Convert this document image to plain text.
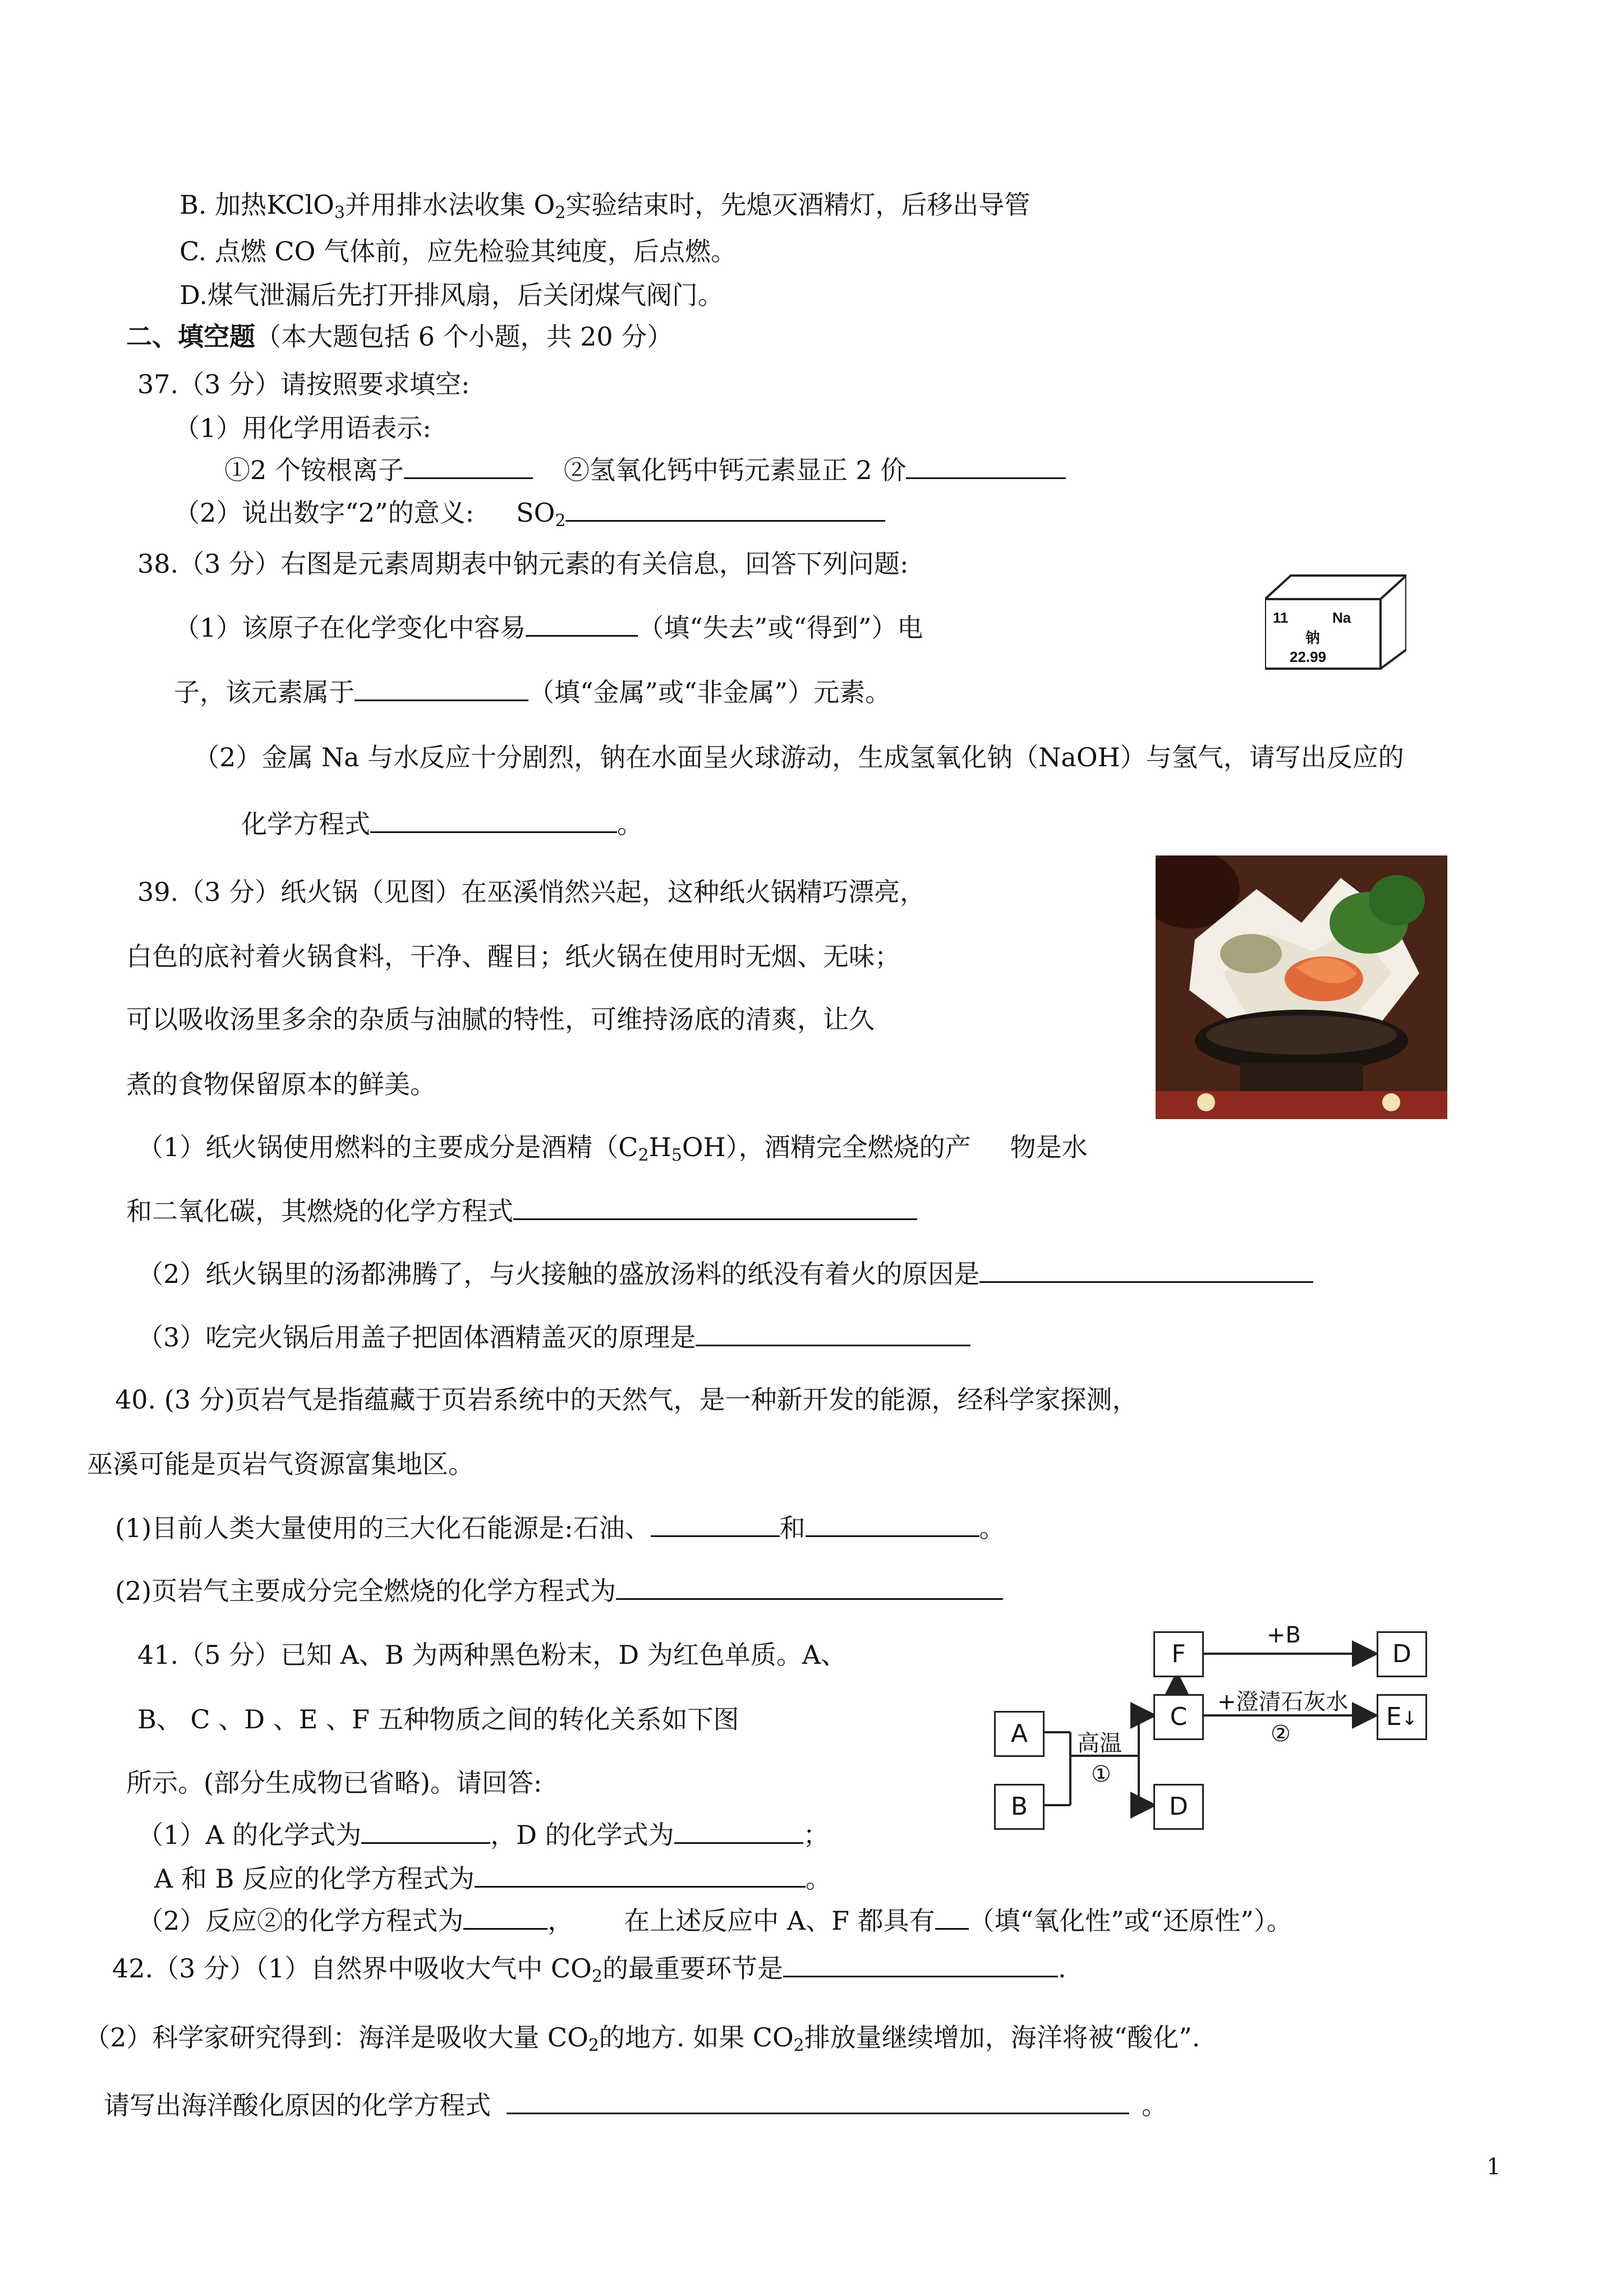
B. 加热KClO$_3$并用排水法收集 $O_2$实验结束时，先熄灭酒精灯，后移出导管
C. 点燃 CO 气体前，应先检验其纯度，后点燃。
D.煤气泄漏后先打开排风扇，后关闭煤气阀门。
二、填空题（本大题包括 6 个小题，共 20 分）
37.（3 分）请按照要求填空:
（1）用化学用语表示:
①2 个铵根离子	②氢氧化钙中钙元素显正 2 价
（2）说出数字“2”的意义: $SO_2$
38.（3 分）右图是元素周期表中钠元素的有关信息，回答下列问题:
（1）该原子在化学变化中容易	（填“失去”或“得到”）电
子，该元素属于	（填“金属”或“非金属”）元素。
（2）金属 Na 与水反应十分剧烈，钠在水面呈火球游动，生成氢氧化钠（NaOH）与氢气，请写出反应的
化学方程式	。
11	Na
钠
22.99
39.（3 分）纸火锅（见图）在巫溪悄然兴起，这种纸火锅精巧漂亮，
白色的底衬着火锅食料，干净、醒目；纸火锅在使用时无烟、无味；
可以吸收汤里多余的杂质与油腻的特性，可维持汤底的清爽，让久
煮的食物保留原本的鲜美。
（1）纸火锅使用燃料的主要成分是酒精$(C_2H_5OH)$，酒精完全燃烧的产 物是水
和二氧化碳，其燃烧的化学方程式
（2）纸火锅里的汤都沸腾了，与火接触的盛放汤料的纸没有着火的原因是
（3）吃完火锅后用盖子把固体酒精盖灭的原理是
40. (3 分)页岩气是指蕴藏于页岩系统中的天然气，是一种新开发的能源，经科学家探测，
巫溪可能是页岩气资源富集地区。
(1)目前人类大量使用的三大化石能源是:石油、	和	。
(2)页岩气主要成分完全燃烧的化学方程式为
41.（5 分）已知 A、B 为两种黑色粉末，D 为红色单质。A、
B、 C 、D 、E 、F 五种物质之间的转化关系如下图
所示。(部分生成物已省略)。请回答:
（1）A 的化学式为	，D 的化学式为	；
A 和 B 反应的化学方程式为	。
（2）反应②的化学方程式为	， 在上述反应中 A、F 都具有 （填“氧化性”或“还原性”）。
A
B
C
D
F	D
E↓
高温
①
+B
+澄清石灰水
②
42.（3 分）（1）自然界中吸收大气中 $CO_2$的最重要环节是	.
（2）科学家研究得到：海洋是吸收大量 $CO_2$的地方. 如果 $CO_2$排放量继续增加，海洋将被“酸化”.
请写出海洋酸化原因的化学方程式	。
1
